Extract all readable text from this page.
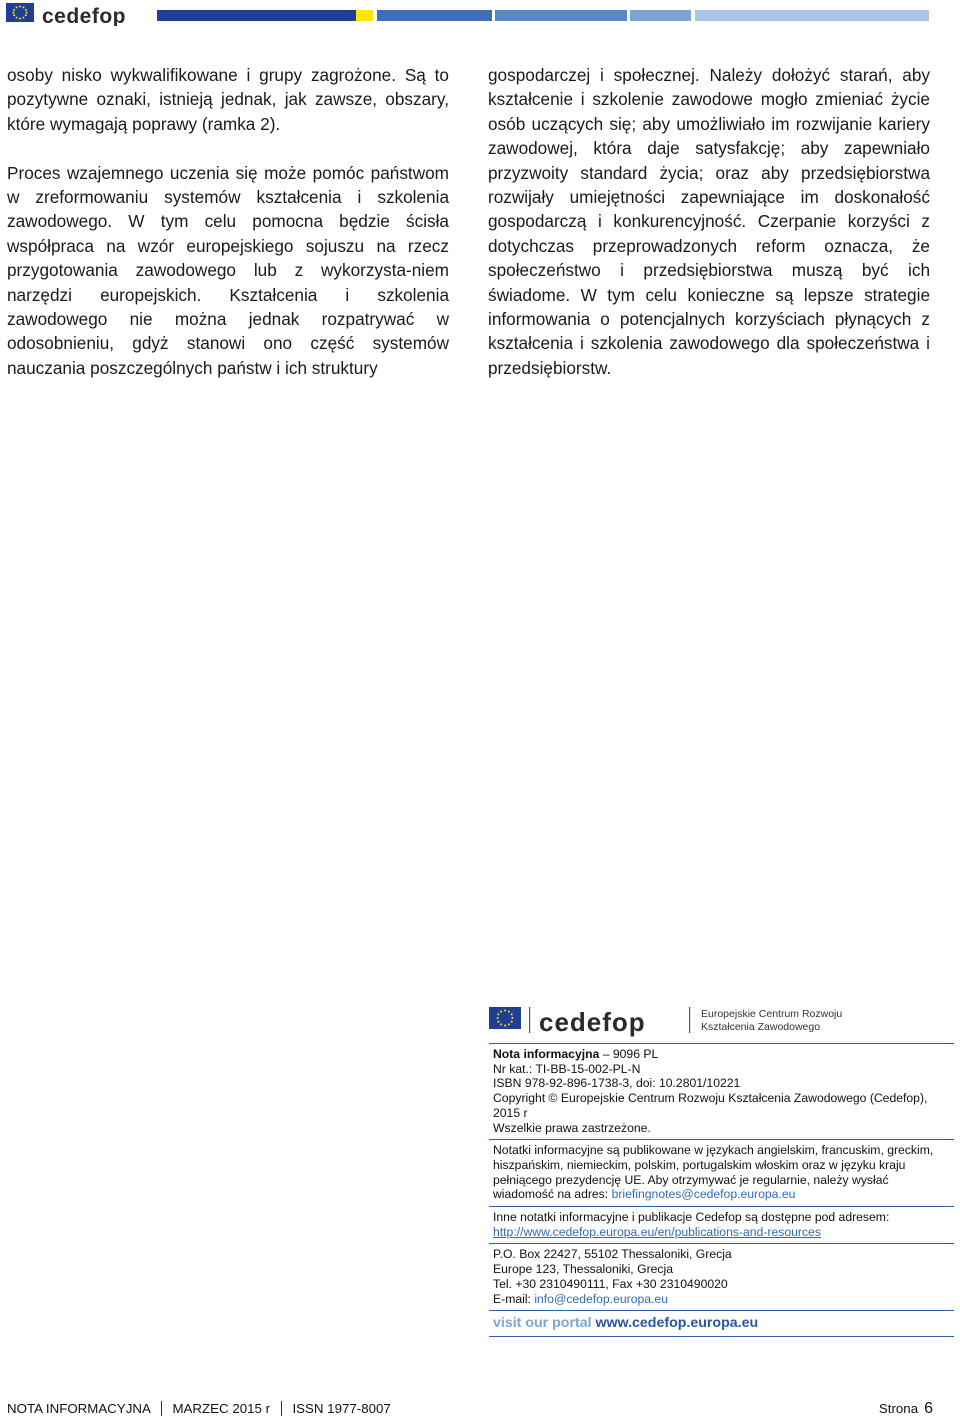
cedefop

osoby nisko wykwalifikowane i grupy zagrożone. Są to pozytywne oznaki, istnieją jednak, jak zawsze, obszary, które wymagają poprawy (ramka 2).

Proces wzajemnego uczenia się może pomóc państwom w zreformowaniu systemów kształcenia i szkolenia zawodowego. W tym celu pomocna będzie ścisła współpraca na wzór europejskiego sojuszu na rzecz przygotowania zawodowego lub z wykorzysta-niem narzędzi europejskich. Kształcenia i szkolenia zawodowego nie można jednak rozpatrywać w odosobnieniu, gdyż stanowi ono część systemów nauczania poszczególnych państw i ich struktury

gospodarczej i społecznej. Należy dołożyć starań, aby kształcenie i szkolenie zawodowe mogło zmieniać życie osób uczących się; aby umożliwiało im rozwijanie kariery zawodowej, która daje satysfakcję; aby zapewniało przyzwoity standard życia; oraz aby przedsiębiorstwa rozwijały umiejętności zapewniające im doskonałość gospodarczą i konkurencyjność. Czerpanie korzyści z dotychczas przeprowadzonych reform oznacza, że społeczeństwo i przedsiębiorstwa muszą być ich świadome. W tym celu konieczne są lepsze strategie informowania o potencjalnych korzyściach płynących z kształcenia i szkolenia zawodowego dla społeczeństwa i przedsiębiorstw.

cedefop	Europejskie Centrum Rozwoju
Kształcenia Zawodowego
Nota informacyjna – 9096 PL
Nr kat.: TI-BB-15-002-PL-N
ISBN 978-92-896-1738-3, doi: 10.2801/10221
Copyright © Europejskie Centrum Rozwoju Kształcenia Zawodowego (Cedefop), 2015 r
Wszelkie prawa zastrzeżone.
Notatki informacyjne są publikowane w językach angielskim, francuskim, greckim, hiszpańskim, niemieckim, polskim, portugalskim włoskim oraz w języku kraju pełniącego prezydencję UE. Aby otrzymywać je regularnie, należy wysłać wiadomość na adres: briefingnotes@cedefop.europa.eu
Inne notatki informacyjne i publikacje Cedefop są dostępne pod adresem:
http://www.cedefop.europa.eu/en/publications-and-resources
P.O. Box 22427, 55102 Thessaloniki, Grecja
Europe 123, Thessaloniki, Grecja
Tel. +30 2310490111, Fax +30 2310490020
E-mail: info@cedefop.europa.eu
visit our portal www.cedefop.europa.eu
NOTA INFORMACYJNA MARZEC 2015 r ISSN 1977-8007	Strona 6
